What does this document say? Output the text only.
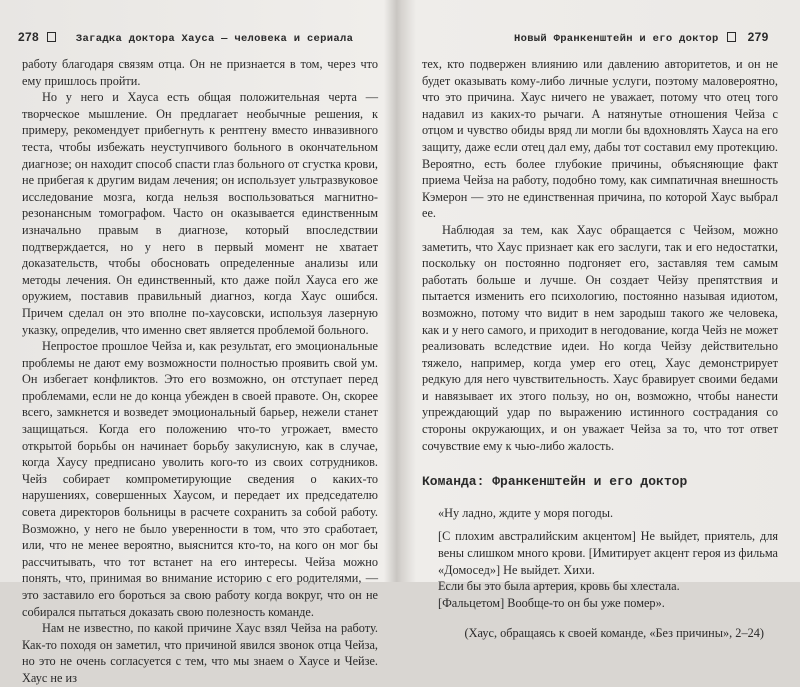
278	Загадка доктора Хауса — человека и сериала

работу благодаря связям отца. Он не признается в том, через что ему пришлось пройти.

Но у него и Хауса есть общая положительная черта — творческое мышление. Он предлагает необычные решения, к примеру, рекомендует прибегнуть к рентгену вместо инвазивного теста, чтобы избежать неуступчивого больного в окончательном диагнозе; он находит способ спасти глаз больного от сгустка крови, не прибегая к другим видам лечения; он использует ультразвуковое исследование мозга, когда нельзя воспользоваться магнитно-резонансным томографом. Часто он оказывается единственным изначально правым в диагнозе, который впоследствии подтверждается, но у него в первый момент не хватает доказательств, чтобы обосновать определенные анализы или методы лечения. Он единственный, кто даже пойл Хауса его же оружием, поставив правильный диагноз, когда Хаус ошибся. Причем сделал он это вполне по-хаусовски, используя лазерную указку, определив, что именно свет является проблемой больного.

Непростое прошлое Чейза и, как результат, его эмоциональные проблемы не дают ему возможности полностью проявить свой ум. Он избегает конфликтов. Это его возможно, он отступает перед проблемами, если не до конца убежден в своей правоте. Он, скорее всего, замкнется и возведет эмоциональный барьер, нежели станет защищаться. Когда его положению что-то угрожает, вместо открытой борьбы он начинает борьбу закулисную, как в случае, когда Хаусу предписано уволить кого-то из своих сотрудников. Чейз собирает компрометирующие сведения о каких-то нарушениях, совершенных Хаусом, и передает их председателю совета директоров больницы в расчете сохранить за собой работу. Возможно, у него не было уверенности в том, что это сработает, или, что не менее вероятно, выяснится кто-то, на кого он мог бы рассчитывать, что тот встанет на его интересы. Чейза можно понять, что, принимая во внимание историю с его родителями, — это заставило его бороться за свою работу когда вокруг, что он не собирался пытаться доказать свою полезность команде.

Нам не известно, по какой причине Хаус взял Чейза на работу. Как-то походя он заметил, что причиной явился звонок отца Чейза, но это не очень согласуется с тем, что мы знаем о Хаусе и Чейзе. Хаус не из

Новый Франкенштейн и его доктор 279

тех, кто подвержен влиянию или давлению авторитетов, и он не будет оказывать кому-либо личные услуги, поэтому маловероятно, что это причина. Хаус ничего не уважает, потому что отец того надавил из каких-то рычаги. А натянутые отношения Чейза с отцом и чувство обиды вряд ли могли бы вдохновлять Хауса на его защиту, даже если отец дал ему, дабы тот составил ему протекцию. Вероятно, есть более глубокие причины, объясняющие факт приема Чейза на работу, подобно тому, как симпатичная внешность Кэмерон — это не единственная причина, по которой Хаус выбрал ее.

Наблюдая за тем, как Хаус обращается с Чейзом, можно заметить, что Хаус признает как его заслуги, так и его недостатки, поскольку он постоянно подгоняет его, заставляя тем самым работать больше и лучше. Он создает Чейзу препятствия и пытается изменить его психологию, постоянно называя идиотом, возможно, потому что видит в нем зародыш такого же человека, как и у него самого, и приходит в негодование, когда Чейз не может реализовать вследствие идеи. Но когда Чейзу действительно тяжело, например, когда умер его отец, Хаус демонстрирует редкую для него чувствительность. Хаус бравирует своими бедами и навязывает их этого пользу, но он, возможно, чтобы нанести упреждающий удар по выражению истинного сострадания со стороны окружающих, и он уважает Чейза за то, что тот ответ сочувствие ему к чью-либо жалость.

Команда: Франкенштейн и его доктор

«Ну ладно, ждите у моря погоды.

[С плохим австралийским акцентом] Не выйдет, приятель, для вены слишком много крови. [Имитирует акцент героя из фильма «Домосед»] Не выйдет. Хихи.

Если бы это была артерия, кровь бы хлестала.

[Фальцетом] Вообще-то он бы уже помер».

(Хаус, обращаясь к своей команде, «Без причины», 2–24)
